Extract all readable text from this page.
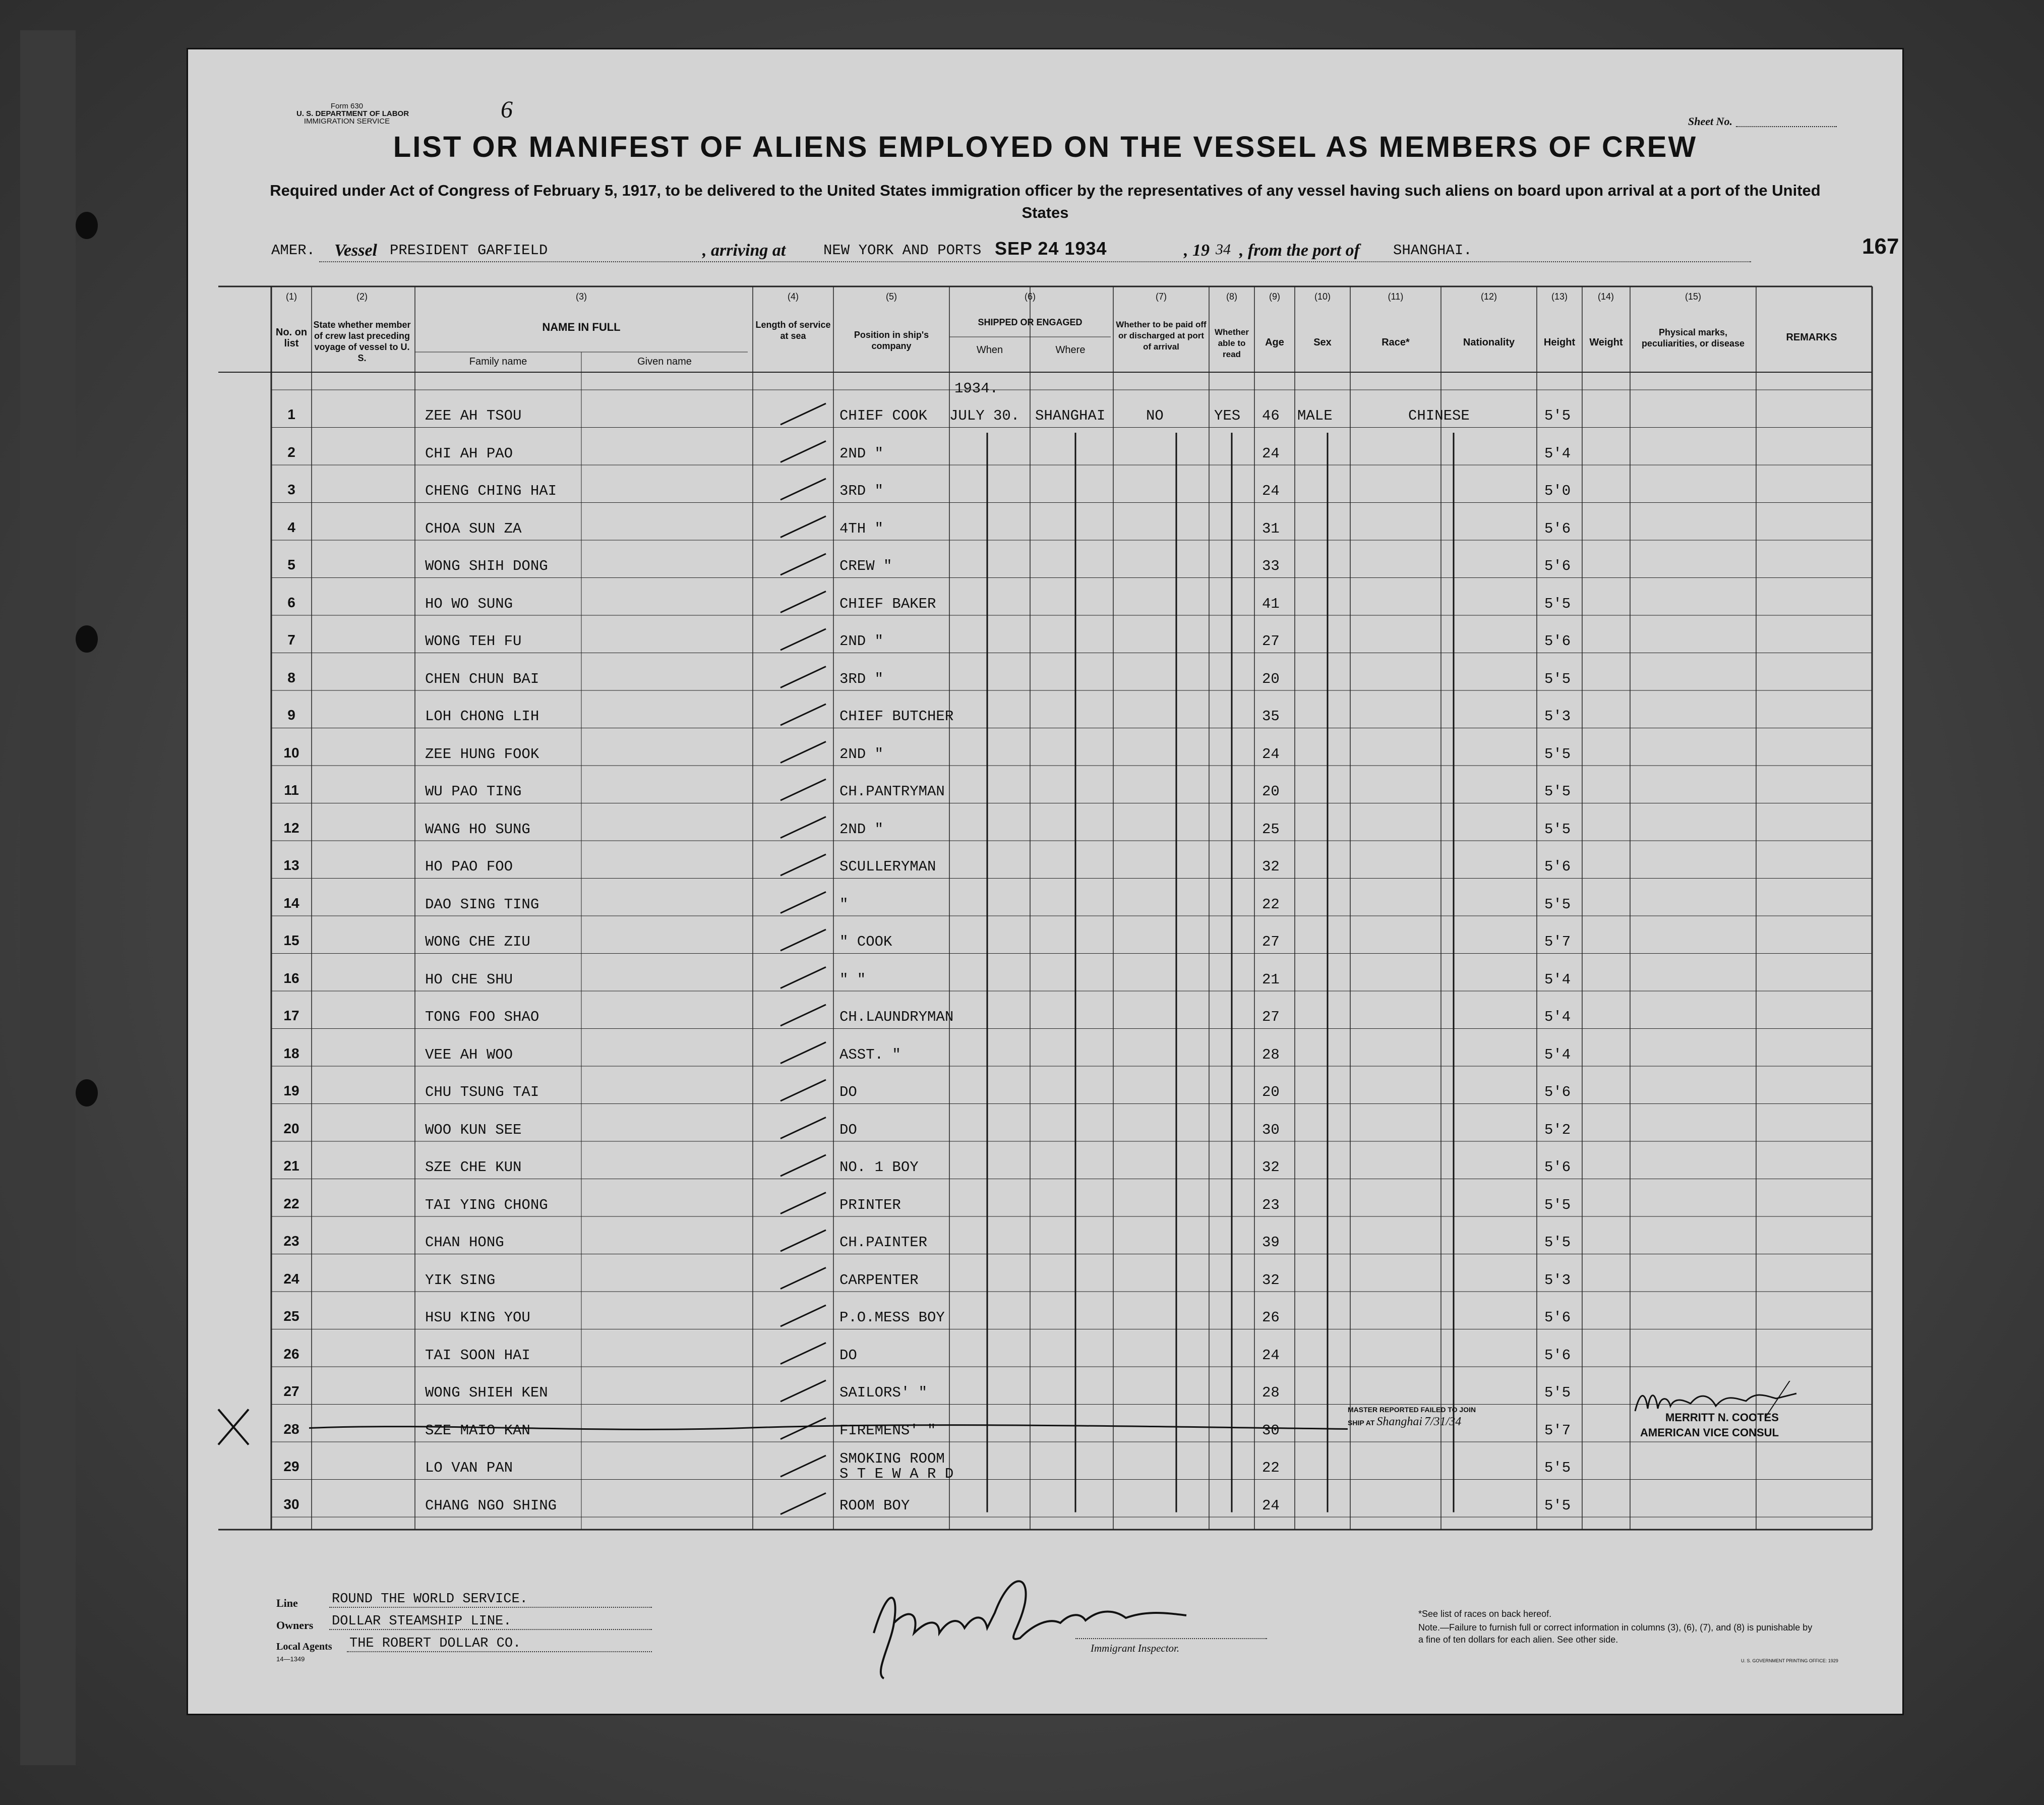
Form 630
U. S. DEPARTMENT OF LABOR
IMMIGRATION SERVICE	6	Sheet No.
LIST OR MANIFEST OF ALIENS EMPLOYED ON THE VESSEL AS MEMBERS OF CREW
Required under Act of Congress of February 5, 1917, to be delivered to the United States immigration officer by the representatives of any vessel having such aliens on board upon arrival at a port of the United States
AMER. Vessel PRESIDENT GARFIELD	, arriving at	NEW YORK AND PORTS SEP 24 1934	, 19 34 , from the port of SHANGHAI.	167
(1)	(2)	(3)	(4)	(5)	(6)	(7)	(8)	(9)	(10)	(11)	(12)	(13)	(14)	(15)
No. on list
State whether member of crew last preceding voyage of vessel to U. S.
NAME IN FULL
Family name	Given name
Length of service at sea	Position in ship's company
SHIPPED OR ENGAGED
When	Where
Whether to be paid off or discharged at port of arrival
Whether able to read
Age	Sex	Race*	Nationality	Height	Weight
Physical marks, peculiarities, or disease
REMARKS
1934.
1	ZEE AH TSOU	CHIEF COOK JULY 30. SHANGHAI	NO	YES 46 MALE	CHINESE	5'5
2	CHI AH PAO	2ND "	24	5'4
3	CHENG CHING HAI	3RD "	24	5'0
4	CHOA SUN ZA	4TH "	31	5'6
5	WONG SHIH DONG	CREW "	33	5'6
6	HO WO SUNG	CHIEF BAKER	41	5'5
7	WONG TEH FU	2ND "	27	5'6
8	CHEN CHUN BAI	3RD "	20	5'5
9	LOH CHONG LIH	CHIEF BUTCHER	35	5'3
10	ZEE HUNG FOOK	2ND "	24	5'5
11	WU PAO TING	CH.PANTRYMAN	20	5'5
12	WANG HO SUNG	2ND "	25	5'5
13	HO PAO FOO	SCULLERYMAN	32	5'6
14	DAO SING TING	"	22	5'5
15	WONG CHE ZIU	" COOK	27	5'7
16	HO CHE SHU	" "	21	5'4
17	TONG FOO SHAO	CH.LAUNDRYMAN	27	5'4
18	VEE AH WOO	ASST. "	28	5'4
19	CHU TSUNG TAI	DO	20	5'6
20	WOO KUN SEE	DO	30	5'2
21	SZE CHE KUN	NO. 1 BOY	32	5'6
22	TAI YING CHONG	PRINTER	23	5'5
23	CHAN HONG	CH.PAINTER	39	5'5
24	YIK SING	CARPENTER	32	5'3
25	HSU KING YOU	P.O.MESS BOY	26	5'6
26	TAI SOON HAI	DO	24	5'6
27	WONG SHIEH KEN	SAILORS' "	28	5'5
28	SZE MAIO KAN	FIREMENS' "	30	5'7
29	LO VAN PAN
SMOKING ROOM
S T E W A R D	22	5'5
30	CHANG NGO SHING	ROOM BOY	24	5'5
MASTER REPORTED FAILED TO JOIN
SHIP AT Shanghai 7/31/34	MERRITT N. COOTES
AMERICAN VICE CONSUL
Line ROUND THE WORLD SERVICE.
Owners DOLLAR STEAMSHIP LINE.
Local Agents THE ROBERT DOLLAR CO.
14—1349
Immigrant Inspector.
*See list of races on back hereof.
Note.—Failure to furnish full or correct information in columns (3), (6), (7), and (8) is punishable by a fine of ten dollars for each alien. See other side.
U. S. GOVERNMENT PRINTING OFFICE: 1929
